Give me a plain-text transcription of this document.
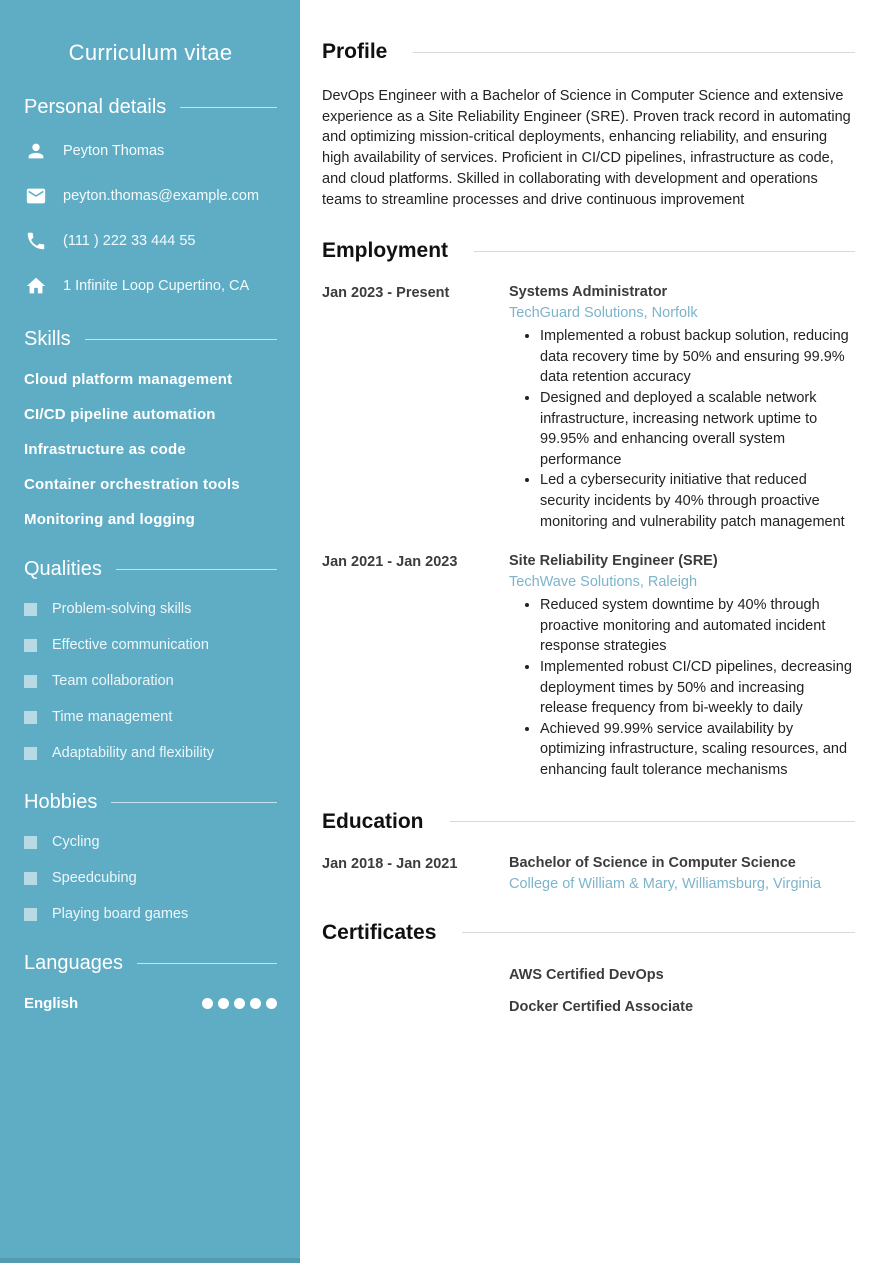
Curriculum vitae
Personal details
Peyton Thomas
peyton.thomas@example.com
(111 ) 222 33 444 55
1 Infinite Loop Cupertino, CA
Skills
Cloud platform management
CI/CD pipeline automation
Infrastructure as code
Container orchestration tools
Monitoring and logging
Qualities
Problem-solving skills
Effective communication
Team collaboration
Time management
Adaptability and flexibility
Hobbies
Cycling
Speedcubing
Playing board games
Languages
English
Profile

DevOps Engineer with a Bachelor of Science in Computer Science and extensive experience as a Site Reliability Engineer (SRE). Proven track record in automating and optimizing mission-critical deployments, enhancing reliability, and ensuring high availability of services. Proficient in CI/CD pipelines, infrastructure as code, and cloud platforms. Skilled in collaborating with development and operations teams to streamline processes and drive continuous improvement

Employment
Jan 2023 - Present	Systems Administrator
TechGuard Solutions, Norfolk
• Implemented a robust backup solution, reducing data recovery time by 50% and ensuring 99.9% data retention accuracy
• Designed and deployed a scalable network infrastructure, increasing network uptime to 99.95% and enhancing overall system performance
• Led a cybersecurity initiative that reduced security incidents by 40% through proactive monitoring and vulnerability patch management
Jan 2021 - Jan 2023	Site Reliability Engineer (SRE)
TechWave Solutions, Raleigh
• Reduced system downtime by 40% through proactive monitoring and automated incident response strategies
• Implemented robust CI/CD pipelines, decreasing deployment times by 50% and increasing release frequency from bi-weekly to daily
• Achieved 99.99% service availability by optimizing infrastructure, scaling resources, and enhancing fault tolerance mechanisms
Education
Jan 2018 - Jan 2021	Bachelor of Science in Computer Science
College of William & Mary, Williamsburg, Virginia
Certificates
AWS Certified DevOps
Docker Certified Associate
